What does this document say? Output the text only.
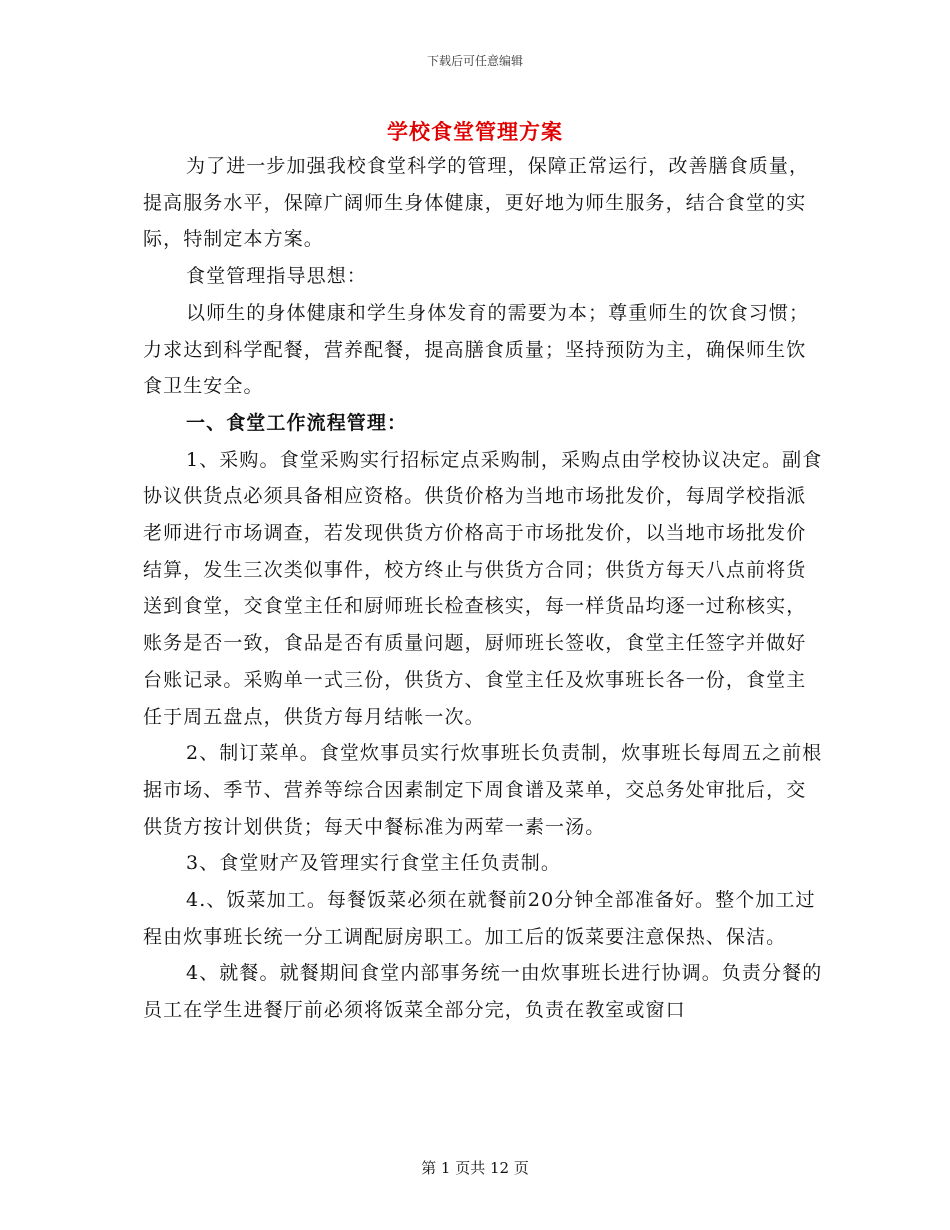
下载后可任意编辑
学校食堂管理方案

为了进一步加强我校食堂科学的管理，保障正常运行，改善膳食质量，提高服务水平，保障广阔师生身体健康，更好地为师生服务，结合食堂的实际，特制定本方案。

食堂管理指导思想：

以师生的身体健康和学生身体发育的需要为本；尊重师生的饮食习惯；力求达到科学配餐，营养配餐，提高膳食质量；坚持预防为主，确保师生饮食卫生安全。

一、食堂工作流程管理：

1、采购。食堂采购实行招标定点采购制，采购点由学校协议决定。副食协议供货点必须具备相应资格。供货价格为当地市场批发价，每周学校指派老师进行市场调查，若发现供货方价格高于市场批发价，以当地市场批发价结算，发生三次类似事件，校方终止与供货方合同；供货方每天八点前将货送到食堂，交食堂主任和厨师班长检查核实，每一样货品均逐一过称核实，账务是否一致，食品是否有质量问题，厨师班长签收，食堂主任签字并做好台账记录。采购单一式三份，供货方、食堂主任及炊事班长各一份，食堂主任于周五盘点，供货方每月结帐一次。

2、制订菜单。食堂炊事员实行炊事班长负责制，炊事班长每周五之前根据市场、季节、营养等综合因素制定下周食谱及菜单，交总务处审批后，交供货方按计划供货；每天中餐标准为两荤一素一汤。

3、食堂财产及管理实行食堂主任负责制。

4.、饭菜加工。每餐饭菜必须在就餐前20分钟全部准备好。整个加工过程由炊事班长统一分工调配厨房职工。加工后的饭菜要注意保热、保洁。

4、就餐。就餐期间食堂内部事务统一由炊事班长进行协调。负责分餐的员工在学生进餐厅前必须将饭菜全部分完，负责在教室或窗口

第 1 页共 12 页
